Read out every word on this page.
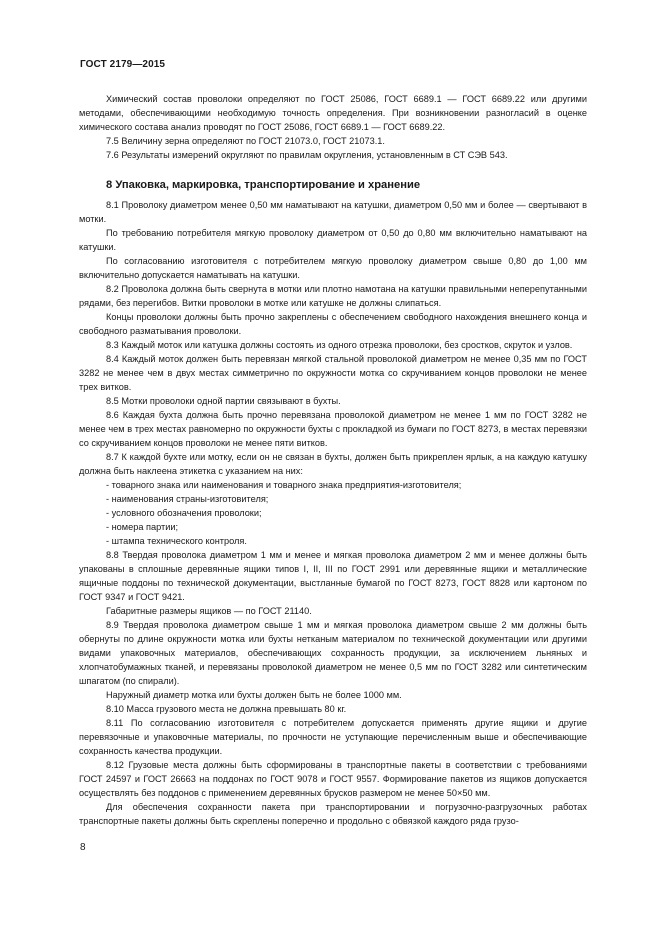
ГОСТ 2179—2015

Химический состав проволоки определяют по ГОСТ 25086, ГОСТ 6689.1 — ГОСТ 6689.22 или другими методами, обеспечивающими необходимую точность определения. При возникновении разногласий в оценке химического состава анализ проводят по ГОСТ 25086, ГОСТ 6689.1 — ГОСТ 6689.22.

7.5 Величину зерна определяют по ГОСТ 21073.0, ГОСТ 21073.1.

7.6 Результаты измерений округляют по правилам округления, установленным в СТ СЭВ 543.

8 Упаковка, маркировка, транспортирование и хранение

8.1 Проволоку диаметром менее 0,50 мм наматывают на катушки, диаметром 0,50 мм и более — свертывают в мотки.

По требованию потребителя мягкую проволоку диаметром от 0,50 до 0,80 мм включительно наматывают на катушки.

По согласованию изготовителя с потребителем мягкую проволоку диаметром свыше 0,80 до 1,00 мм включительно допускается наматывать на катушки.

8.2 Проволока должна быть свернута в мотки или плотно намотана на катушки правильными неперепутанными рядами, без перегибов. Витки проволоки в мотке или катушке не должны слипаться.

Концы проволоки должны быть прочно закреплены с обеспечением свободного нахождения внешнего конца и свободного разматывания проволоки.

8.3 Каждый моток или катушка должны состоять из одного отрезка проволоки, без сростков, скруток и узлов.

8.4 Каждый моток должен быть перевязан мягкой стальной проволокой диаметром не менее 0,35 мм по ГОСТ 3282 не менее чем в двух местах симметрично по окружности мотка со скручиванием концов проволоки не менее трех витков.

8.5 Мотки проволоки одной партии связывают в бухты.

8.6 Каждая бухта должна быть прочно перевязана проволокой диаметром не менее 1 мм по ГОСТ 3282 не менее чем в трех местах равномерно по окружности бухты с прокладкой из бумаги по ГОСТ 8273, в местах перевязки со скручиванием концов проволоки не менее пяти витков.

8.7 К каждой бухте или мотку, если он не связан в бухты, должен быть прикреплен ярлык, а на каждую катушку должна быть наклеена этикетка с указанием на них:

- товарного знака или наименования и товарного знака предприятия-изготовителя;

- наименования страны-изготовителя;

- условного обозначения проволоки;

- номера партии;

- штампа технического контроля.

8.8 Твердая проволока диаметром 1 мм и менее и мягкая проволока диаметром 2 мм и менее должны быть упакованы в сплошные деревянные ящики типов I, II, III по ГОСТ 2991 или деревянные ящики и металлические ящичные поддоны по технической документации, выстланные бумагой по ГОСТ 8273, ГОСТ 8828 или картоном по ГОСТ 9347 и ГОСТ 9421.

Габаритные размеры ящиков — по ГОСТ 21140.

8.9 Твердая проволока диаметром свыше 1 мм и мягкая проволока диаметром свыше 2 мм должны быть обернуты по длине окружности мотка или бухты нетканым материалом по технической документации или другими видами упаковочных материалов, обеспечивающих сохранность продукции, за исключением льняных и хлопчатобумажных тканей, и перевязаны проволокой диаметром не менее 0,5 мм по ГОСТ 3282 или синтетическим шпагатом (по спирали).

Наружный диаметр мотка или бухты должен быть не более 1000 мм.

8.10 Масса грузового места не должна превышать 80 кг.

8.11 По согласованию изготовителя с потребителем допускается применять другие ящики и другие перевязочные и упаковочные материалы, по прочности не уступающие перечисленным выше и обеспечивающие сохранность качества продукции.

8.12 Грузовые места должны быть сформированы в транспортные пакеты в соответствии с требованиями ГОСТ 24597 и ГОСТ 26663 на поддонах по ГОСТ 9078 и ГОСТ 9557. Формирование пакетов из ящиков допускается осуществлять без поддонов с применением деревянных брусков размером не менее 50×50 мм.

Для обеспечения сохранности пакета при транспортировании и погрузочно-разгрузочных работах транспортные пакеты должны быть скреплены поперечно и продольно с обвязкой каждого ряда грузо-

8
